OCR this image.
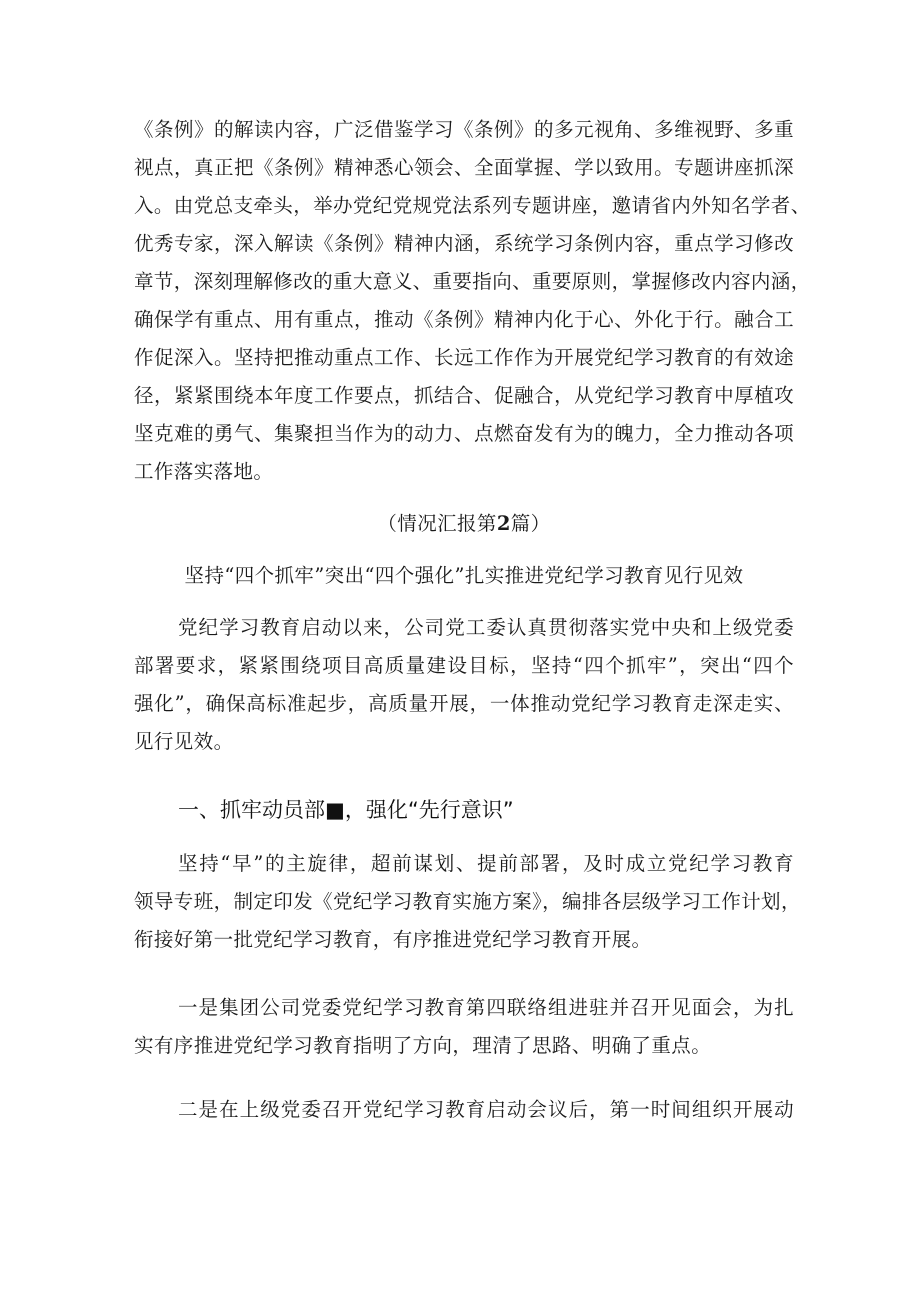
《条例》的解读内容，广泛借鉴学习《条例》的多元视角、多维视野、多重
视点，真正把《条例》精神悉心领会、全面掌握、学以致用。专题讲座抓深
入。由党总支牵头，举办党纪党规党法系列专题讲座，邀请省内外知名学者、
优秀专家，深入解读《条例》精神内涵，系统学习条例内容，重点学习修改
章节，深刻理解修改的重大意义、重要指向、重要原则，掌握修改内容内涵，
确保学有重点、用有重点，推动《条例》精神内化于心、外化于行。融合工
作促深入。坚持把推动重点工作、长远工作作为开展党纪学习教育的有效途
径，紧紧围绕本年度工作要点，抓结合、促融合，从党纪学习教育中厚植攻
坚克难的勇气、集聚担当作为的动力、点燃奋发有为的魄力，全力推动各项
工作落实落地。
（情况汇报第2篇）
坚持“四个抓牢”突出“四个强化”扎实推进党纪学习教育见行见效
党纪学习教育启动以来，公司党工委认真贯彻落实党中央和上级党委
部署要求，紧紧围绕项目高质量建设目标，坚持“四个抓牢”，突出“四个
强化”，确保高标准起步，高质量开展，一体推动党纪学习教育走深走实、
见行见效。
一、抓牢动员部■，强化“先行意识”
坚持“早”的主旋律，超前谋划、提前部署，及时成立党纪学习教育
领导专班，制定印发《党纪学习教育实施方案》，编排各层级学习工作计划，
衔接好第一批党纪学习教育，有序推进党纪学习教育开展。
一是集团公司党委党纪学习教育第四联络组进驻并召开见面会，为扎
实有序推进党纪学习教育指明了方向，理清了思路、明确了重点。
二是在上级党委召开党纪学习教育启动会议后，第一时间组织开展动
